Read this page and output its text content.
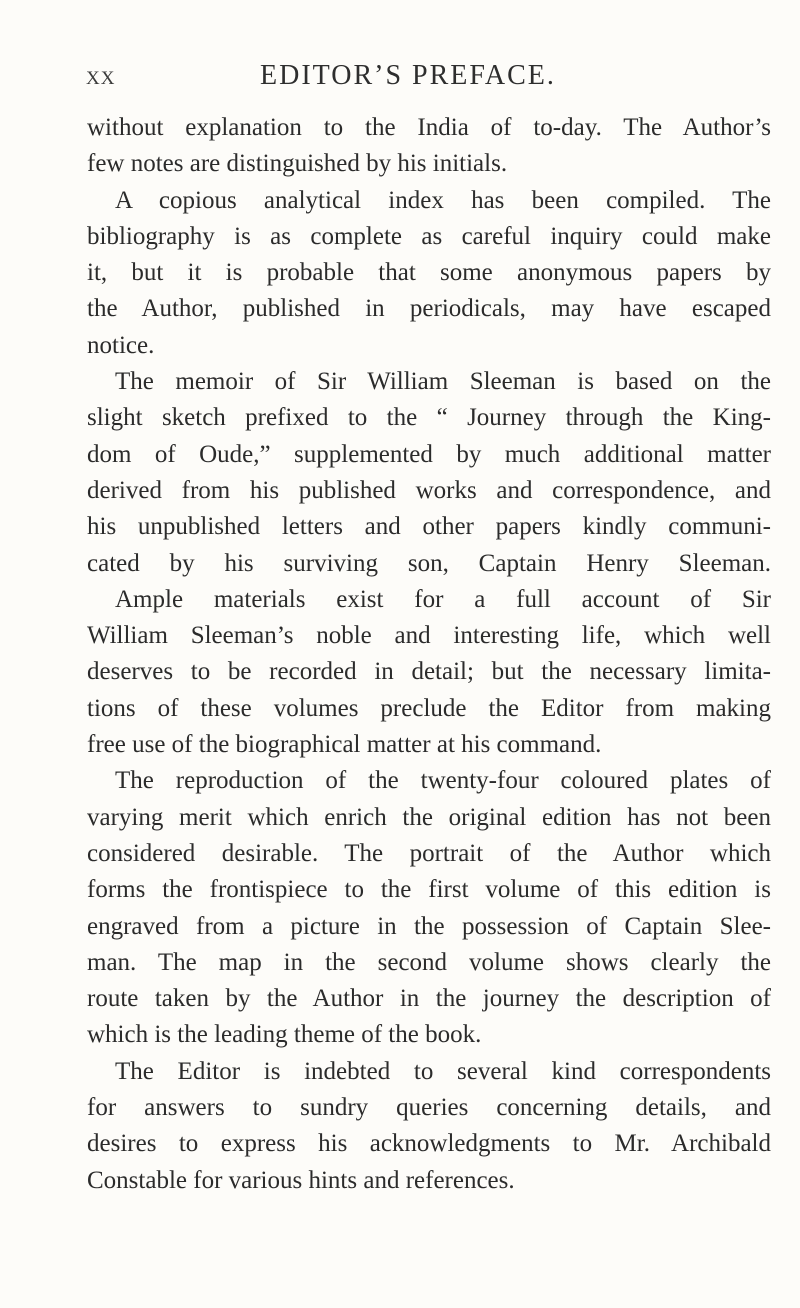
XX	EDITOR’S PREFACE.
without explanation to the India of to-day. The Author’s
few notes are distinguished by his initials.
A copious analytical index has been compiled. The
bibliography is as complete as careful inquiry could make
it, but it is probable that some anonymous papers by
the Author, published in periodicals, may have escaped
notice.
The memoir of Sir William Sleeman is based on the
slight sketch prefixed to the “ Journey through the King-
dom of Oude,” supplemented by much additional matter
derived from his published works and correspondence, and
his unpublished letters and other papers kindly communi-
cated by his surviving son, Captain Henry Sleeman.
Ample materials exist for a full account of Sir
William Sleeman’s noble and interesting life, which well
deserves to be recorded in detail; but the necessary limita-
tions of these volumes preclude the Editor from making
free use of the biographical matter at his command.
The reproduction of the twenty-four coloured plates of
varying merit which enrich the original edition has not been
considered desirable. The portrait of the Author which
forms the frontispiece to the first volume of this edition is
engraved from a picture in the possession of Captain Slee-
man. The map in the second volume shows clearly the
route taken by the Author in the journey the description of
which is the leading theme of the book.
The Editor is indebted to several kind correspondents
for answers to sundry queries concerning details, and
desires to express his acknowledgments to Mr. Archibald
Constable for various hints and references.
